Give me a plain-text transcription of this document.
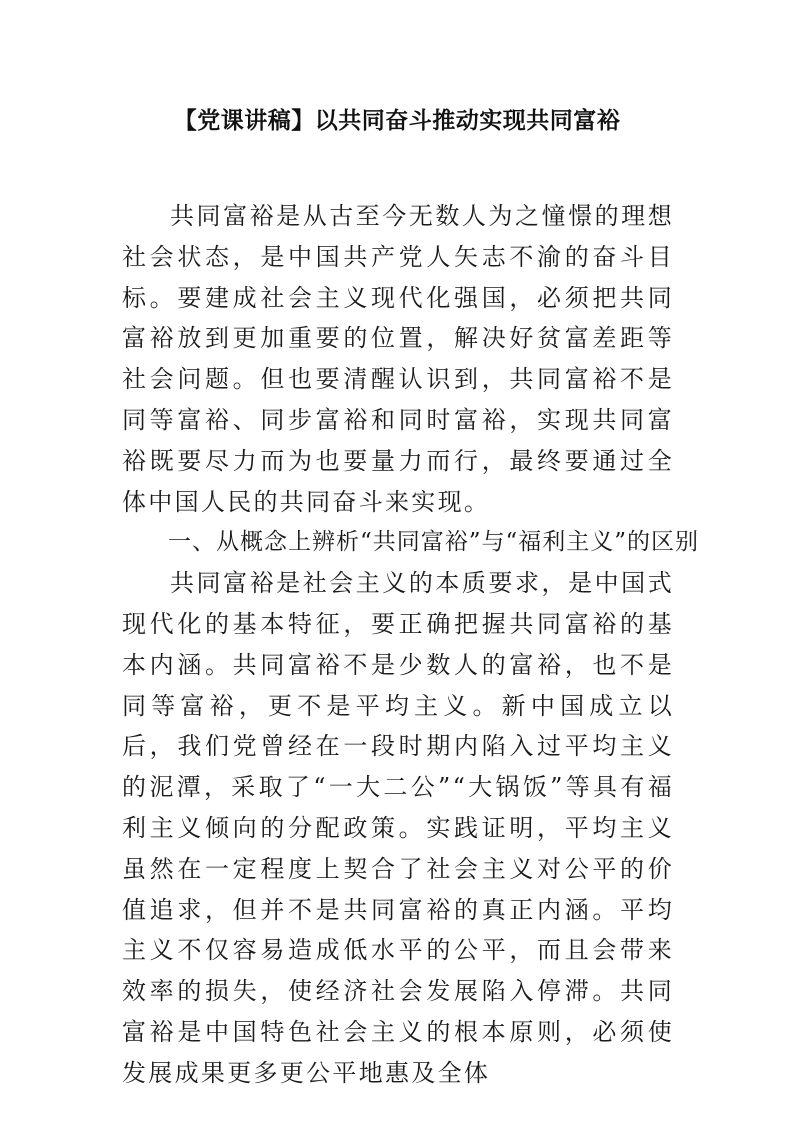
【党课讲稿】以共同奋斗推动实现共同富裕

共同富裕是从古至今无数人为之憧憬的理想社会状态，是中国共产党人矢志不渝的奋斗目标。要建成社会主义现代化强国，必须把共同富裕放到更加重要的位置，解决好贫富差距等社会问题。但也要清醒认识到，共同富裕不是同等富裕、同步富裕和同时富裕，实现共同富裕既要尽力而为也要量力而行，最终要通过全体中国人民的共同奋斗来实现。

一、从概念上辨析“共同富裕”与“福利主义”的区别

共同富裕是社会主义的本质要求，是中国式现代化的基本特征，要正确把握共同富裕的基本内涵。共同富裕不是少数人的富裕，也不是同等富裕，更不是平均主义。新中国成立以后，我们党曾经在一段时期内陷入过平均主义的泥潭，采取了“一大二公”“大锅饭”等具有福利主义倾向的分配政策。实践证明，平均主义虽然在一定程度上契合了社会主义对公平的价值追求，但并不是共同富裕的真正内涵。平均主义不仅容易造成低水平的公平，而且会带来效率的损失，使经济社会发展陷入停滞。共同富裕是中国特色社会主义的根本原则，必须使发展成果更多更公平地惠及全体
